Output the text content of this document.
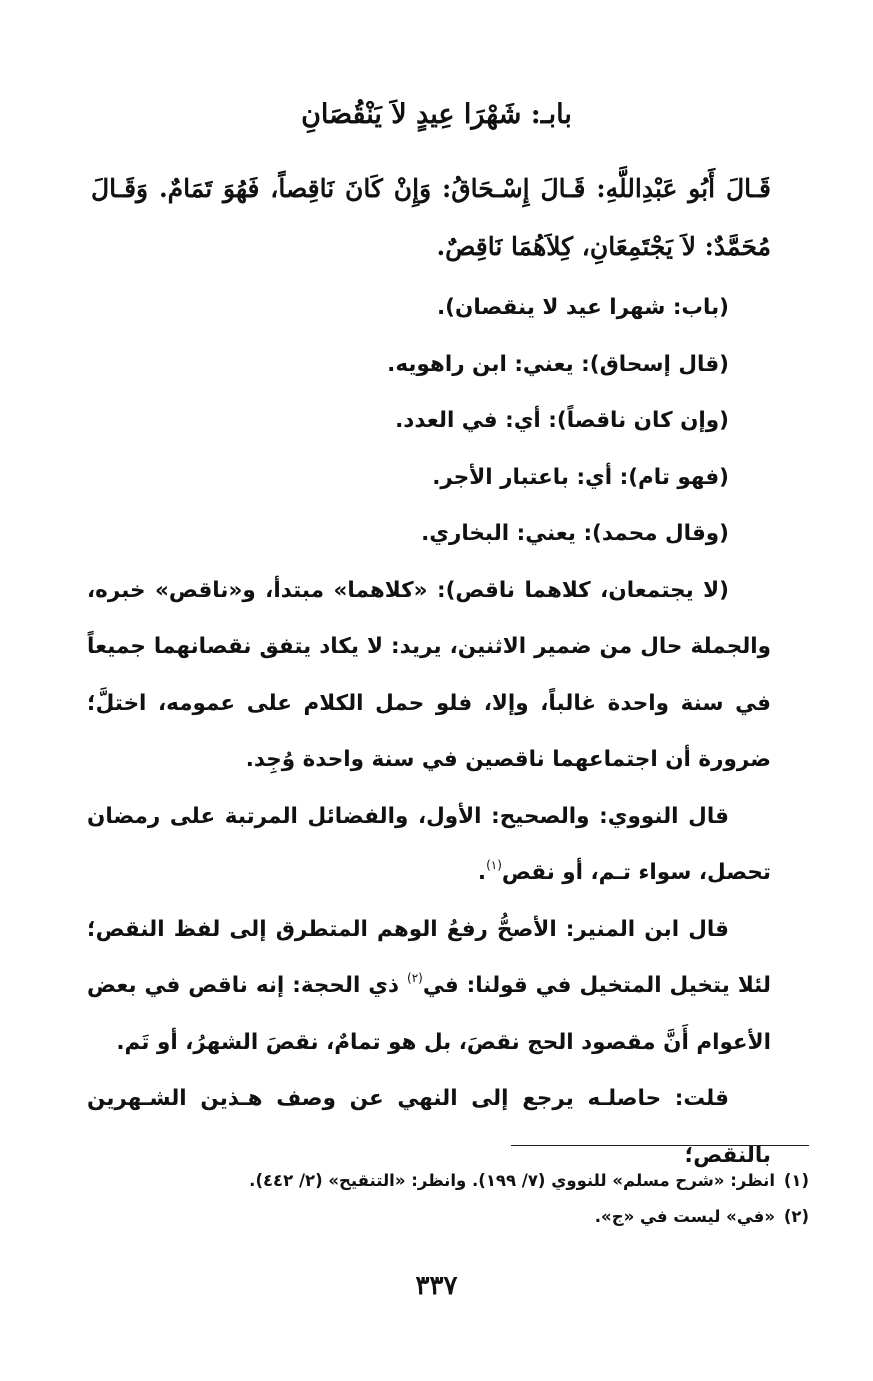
بابـ: شَهْرَا عِيدٍ لاَ يَنْقُصَانِ
قَـالَ أَبُو عَبْدِاللَّهِ: قَـالَ إِسْـحَاقُ: وَإِنْ كَانَ نَاقِصاً، فَهُوَ تَمَامٌ. وَقَـالَ مُحَمَّدٌ: لاَ يَجْتَمِعَانِ، كِلاَهُمَا نَاقِصٌ.

(باب: شهرا عيد لا ينقصان).

(قال إسحاق): يعني: ابن راهويه.

(وإن كان ناقصاً): أي: في العدد.

(فهو تام): أي: باعتبار الأجر.

(وقال محمد): يعني: البخاري.

(لا يجتمعان، كلاهما ناقص): «كلاهما» مبتدأ، و«ناقص» خبره، والجملة حال من ضمير الاثنين، يريد: لا يكاد يتفق نقصانهما جميعاً في سنة واحدة غالباً، وإلا، فلو حمل الكلام على عمومه، اختلَّ؛ ضرورة أن اجتماعهما ناقصين في سنة واحدة وُجِد.

قال النووي: والصحيح: الأول، والفضائل المرتبة على رمضان تحصل، سواء تـم، أو نقص$^{(١)}$.

قال ابن المنير: الأصحُّ رفعُ الوهم المتطرق إلى لفظ النقص؛ لئلا يتخيل المتخيل في قولنا: في$^{(٢)}$ ذي الحجة: إنه ناقص في بعض الأعوام أَنَّ مقصود الحج نقصَ، بل هو تمامٌ، نقصَ الشهرُ، أو تَم.

قلت: حاصلـه يرجع إلى النهي عن وصف هـذين الشـهرين بالنقص؛

(١)
انظر: «شرح مسلم» للنووي (٧/ ١٩٩). وانظر: «التنقيح» (٢/ ٤٤٢).
(٢)
«في» ليست في «ج».
٣٣٧
